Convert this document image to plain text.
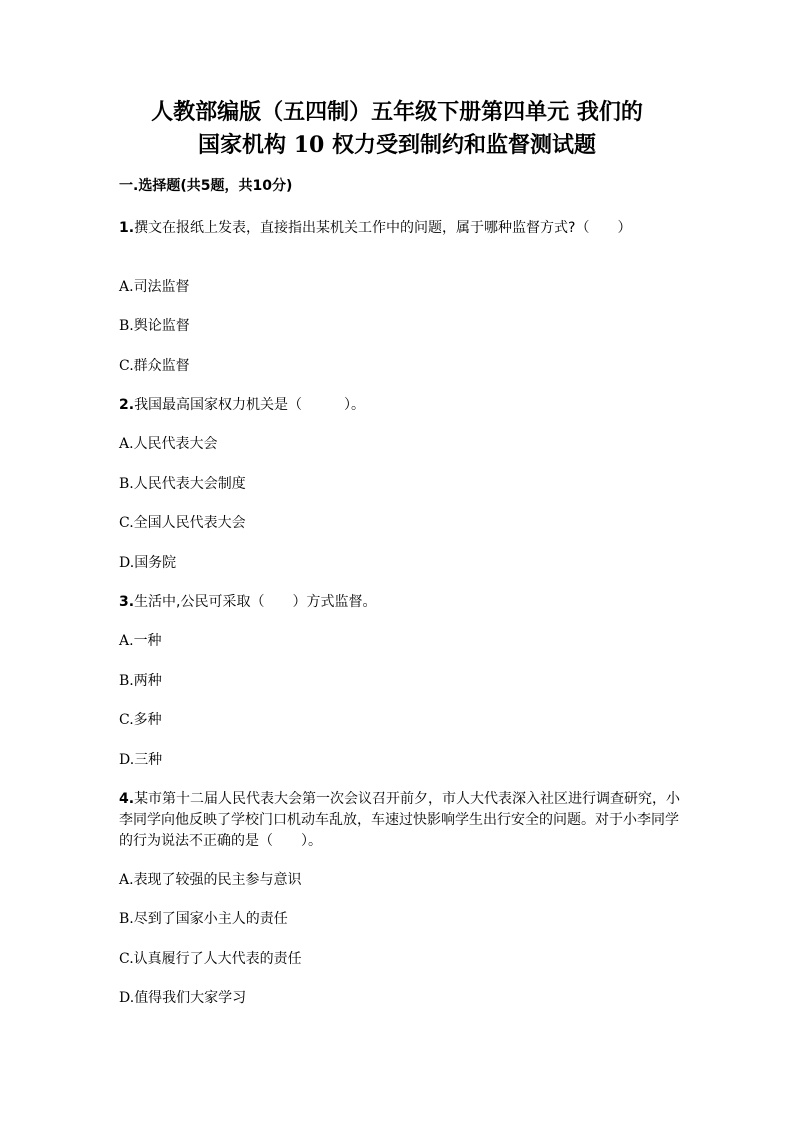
人教部编版（五四制）五年级下册第四单元 我们的
国家机构 10 权力受到制约和监督测试题
一.选择题(共5题，共10分)
1.撰文在报纸上发表，直接指出某机关工作中的问题，属于哪种监督方式?（　　）
A.司法监督
B.舆论监督
C.群众监督
2.我国最高国家权力机关是（　　　）。
A.人民代表大会
B.人民代表大会制度
C.全国人民代表大会
D.国务院
3.生活中,公民可采取（　　）方式监督。
A.一种
B.两种
C.多种
D.三种
4.某市第十二届人民代表大会第一次会议召开前夕，市人大代表深入社区进行调查研究，小李同学向他反映了学校门口机动车乱放，车速过快影响学生出行安全的问题。对于小李同学的行为说法不正确的是（　　）。
A.表现了较强的民主参与意识
B.尽到了国家小主人的责任
C.认真履行了人大代表的责任
D.值得我们大家学习
